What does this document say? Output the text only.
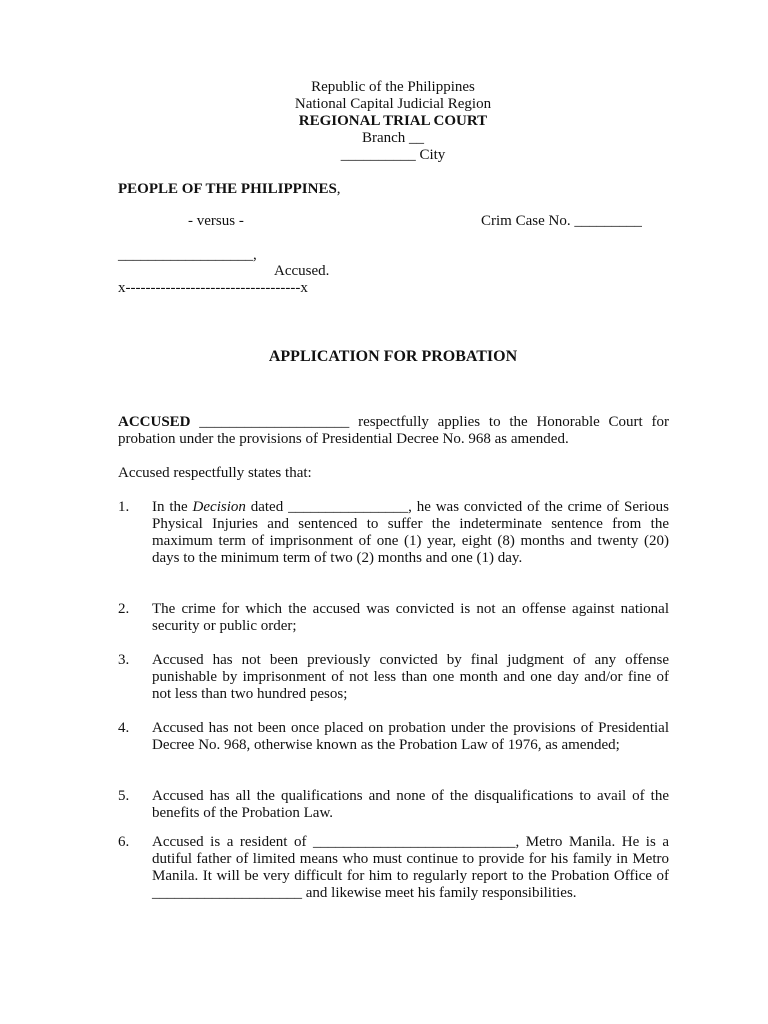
Republic of the Philippines
National Capital Judicial Region
REGIONAL TRIAL COURT
Branch __
__________ City
PEOPLE OF THE PHILIPPINES,
- versus -	Crim Case No. _________
__________________,
Accused.
x-----------------------------------x
APPLICATION FOR PROBATION
ACCUSED ____________________ respectfully applies to the Honorable Court for probation under the provisions of Presidential Decree No. 968 as amended.
Accused respectfully states that:
1. In the Decision dated ________________, he was convicted of the crime of Serious Physical Injuries and sentenced to suffer the indeterminate sentence from the maximum term of imprisonment of one (1) year, eight (8) months and twenty (20) days to the minimum term of two (2) months and one (1) day.
2. The crime for which the accused was convicted is not an offense against national security or public order;
3. Accused has not been previously convicted by final judgment of any offense punishable by imprisonment of not less than one month and one day and/or fine of not less than two hundred pesos;
4. Accused has not been once placed on probation under the provisions of Presidential Decree No. 968, otherwise known as the Probation Law of 1976, as amended;
5. Accused has all the qualifications and none of the disqualifications to avail of the benefits of the Probation Law.
6. Accused is a resident of ___________________________, Metro Manila. He is a dutiful father of limited means who must continue to provide for his family in Metro Manila. It will be very difficult for him to regularly report to the Probation Office of ____________________ and likewise meet his family responsibilities.
